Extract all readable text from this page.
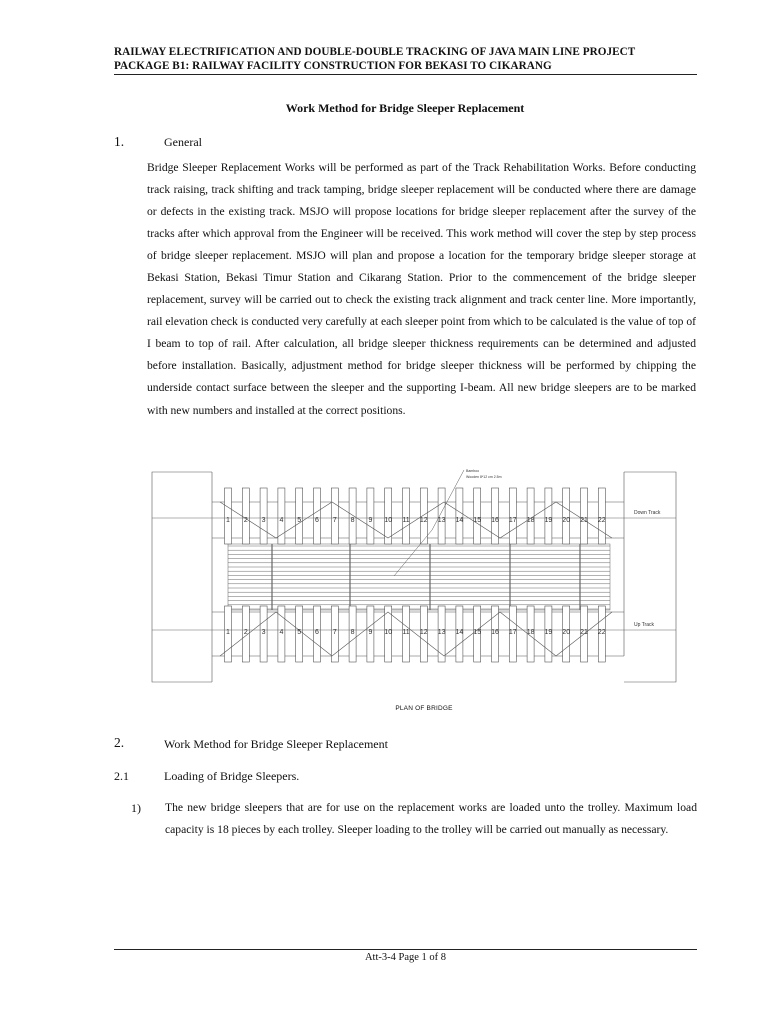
RAILWAY ELECTRIFICATION AND DOUBLE-DOUBLE TRACKING OF JAVA MAIN LINE PROJECT
PACKAGE B1: RAILWAY FACILITY CONSTRUCTION FOR BEKASI TO CIKARANG
Work Method for Bridge Sleeper Replacement
1.	General

Bridge Sleeper Replacement Works will be performed as part of the Track Rehabilitation Works. Before conducting track raising, track shifting and track tamping, bridge sleeper replacement will be conducted where there are damage or defects in the existing track. MSJO will propose locations for bridge sleeper replacement after the survey of the tracks after which approval from the Engineer will be received. This work method will cover the step by step process of bridge sleeper replacement. MSJO will plan and propose a location for the temporary bridge sleeper storage at Bekasi Station, Bekasi Timur Station and Cikarang Station. Prior to the commencement of the bridge sleeper replacement, survey will be carried out to check the existing track alignment and track center line. More importantly, rail elevation check is conducted very carefully at each sleeper point from which to be calculated is the value of top of I beam to top of rail. After calculation, all bridge sleeper thickness requirements can be determined and adjusted before installation. Basically, adjustment method for bridge sleeper thickness will be performed by chipping the underside contact surface between the sleeper and the supporting I-beam. All new bridge sleepers are to be marked with new numbers and installed at the correct positions.

1 2 3 4 5 6 7 8 9 10 11 12 13 14 15 16 17 18 19 20 21 22
1 2 3 4 5 6 7 8 9 10 11 12 13 14 15 16 17 18 19 20 21 22
Down Track
Up Track
Bamboo
Wooden 8*12 cm 2.5m
PLAN OF BRIDGE
2.	Work Method for Bridge Sleeper Replacement
2.1	Loading of Bridge Sleepers.
1) The new bridge sleepers that are for use on the replacement works are loaded unto the trolley. Maximum load capacity is 18 pieces by each trolley. Sleeper loading to the trolley will be carried out manually as necessary.

Att-3-4 Page 1 of 8
